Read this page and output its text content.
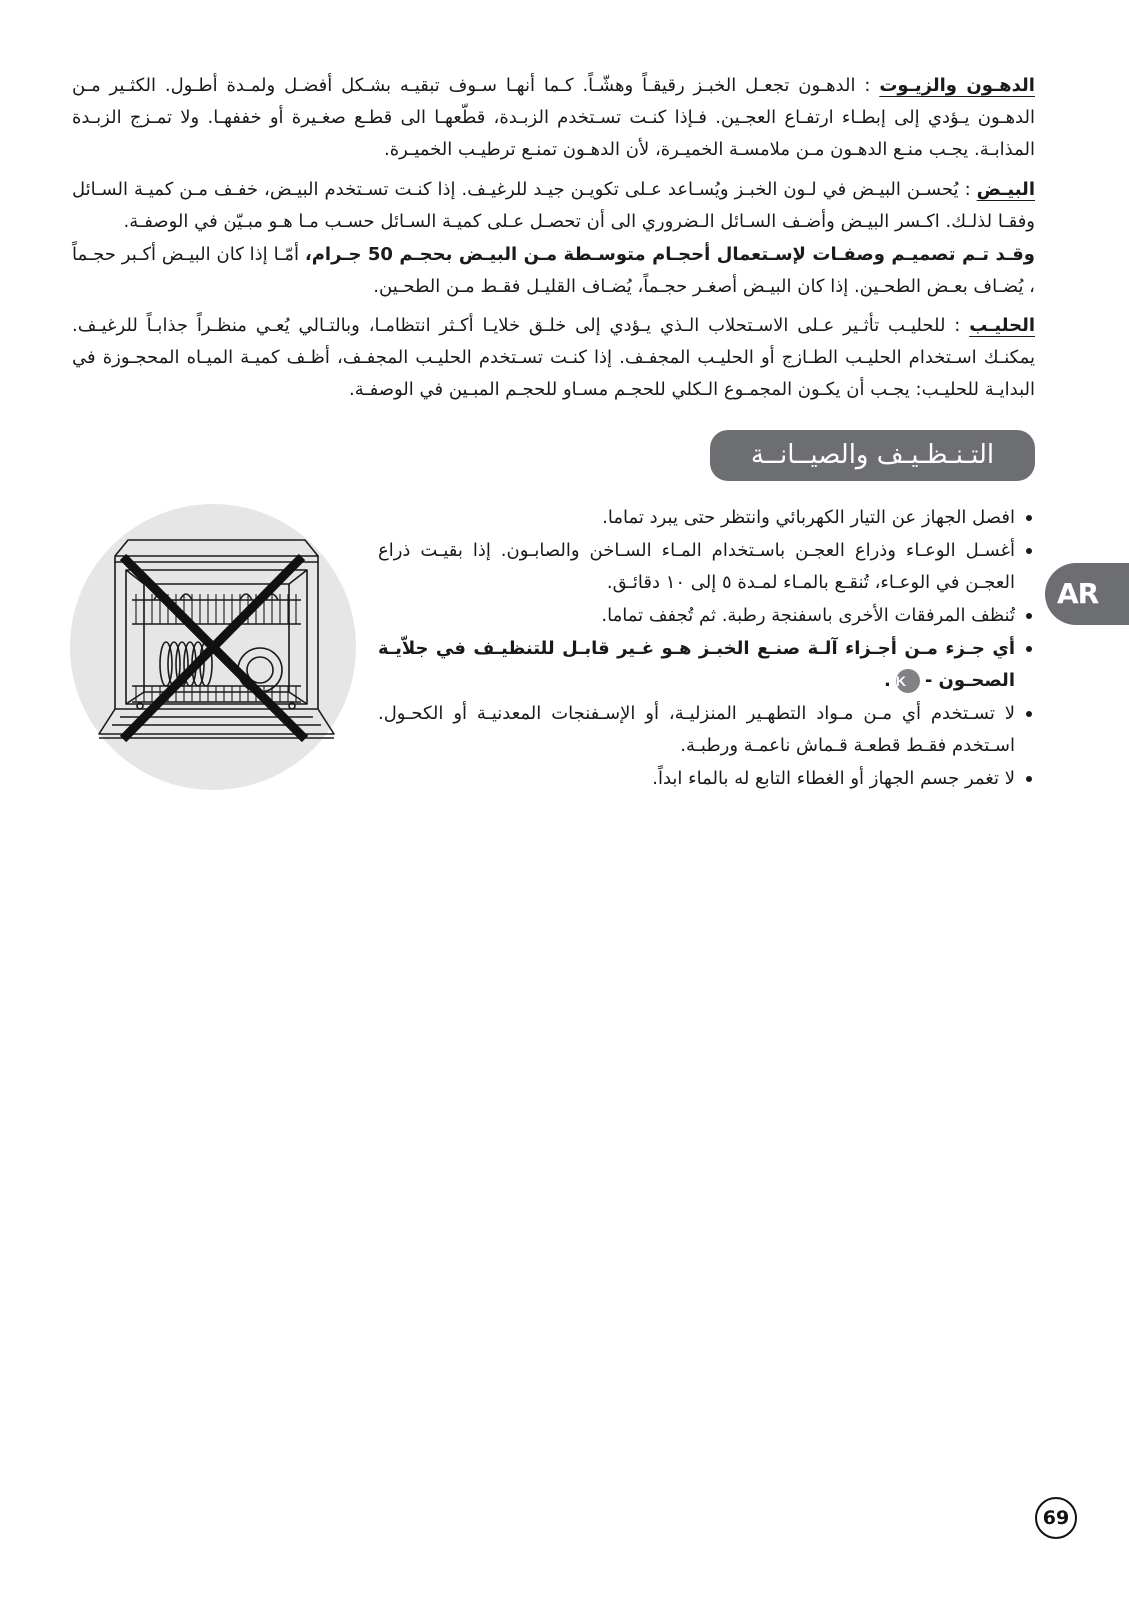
الدهـون والزيـوت : الدهـون تجعـل الخبـز رقيقـاً وهشّـاً. كـما أنهـا سـوف تبقيـه بشـكل أفضـل ولمـدة أطـول. الكثـير مـن الدهـون يـؤدي إلى إبطـاء ارتفـاع العجـين. فـإذا كنـت تسـتخدم الزبـدة، قطّعهـا الى قطـع صغـيرة أو خففهـا. ولا تمـزج الزبـدة المذابـة. يجـب منـع الدهـون مـن ملامسـة الخميـرة، لأن الدهـون تمنـع ترطيـب الخميـرة.

البيـض : يُحسـن البيـض في لـون الخبـز ويُسـاعد عـلى تكويـن جيـد للرغيـف. إذا كنـت تسـتخدم البيـض، خفـف مـن كميـة السـائل وفقـا لذلـك. اكـسر البيـض وأضـف السـائل الـضروري الى أن تحصـل عـلى كميـة السـائل حسـب مـا هـو مبـيّن في الوصفـة.

وقـد تـم تصميـم وصفـات لإسـتعمال أحجـام متوسـطة مـن البيـض بحجـم 50 جـرام، أمّـا إذا كان البيـض أكـبر حجـماً ، يُضـاف بعـض الطحـين. إذا كان البيـض أصغـر حجـماً، يُضـاف القليـل فقـط مـن الطحـين.

الحليـب : للحليـب تأثـير عـلى الاسـتحلاب الـذي يـؤدي إلى خلـق خلايـا أكـثر انتظامـا، وبالتـالي يُعـي منظـراً جذابـاً للرغيـف. يمكنـك اسـتخدام الحليـب الطـازج أو الحليـب المجفـف. إذا كنـت تسـتخدم الحليـب المجفـف، أظـف كميـة الميـاه المحجـوزة في البدايـة للحليـب: يجـب أن يكـون المجمـوع الـكلي للحجـم مسـاو للحجـم المبـين في الوصفـة.

التـنـظـيـف والصيــانــة
افصل الجهاز عن التيار الكهربائي وانتظر حتى يبرد تماما.
أغسـل الوعـاء وذراع العجـن باسـتخدام المـاء السـاخن والصابـون. إذا بقيـت ذراع العجـن في الوعـاء، تُنقـع بالمـاء لمـدة ٥ إلى ١٠ دقائـق.
تُنظف المرفقات الأخرى باسفنجة رطبة. ثم تُجفف تماما.
أي جـزء مـن أجـزاء آلـة صنـع الخبـز هـو غـير قابـل للتنظيـف في جلاّيـة الصحـون -K.
لا تسـتخدم أي مـن مـواد التطهـير المنزليـة، أو الإسـفنجات المعدنيـة أو الكحـول. اسـتخدم فقـط قطعـة قـماش ناعمـة ورطبـة.
لا تغمر جسم الجهاز أو الغطاء التابع له بالماء ابداً.
AR
69
